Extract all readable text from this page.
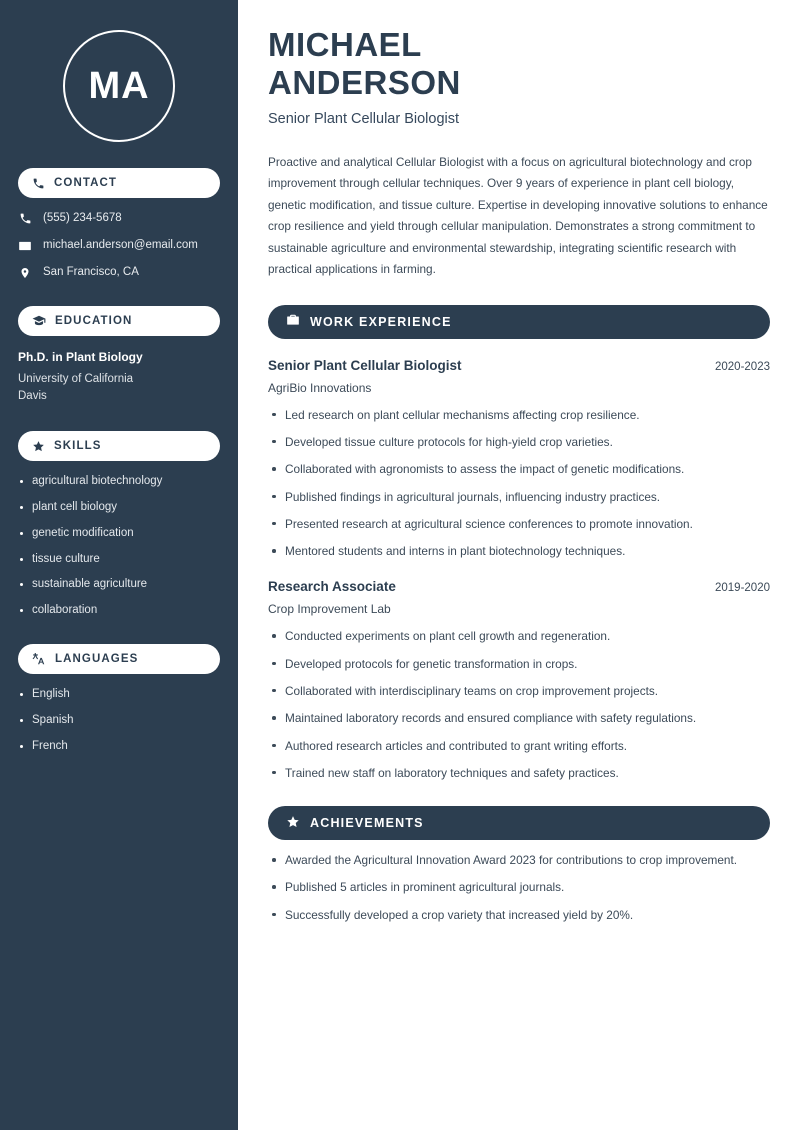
MA
CONTACT
(555) 234-5678
michael.anderson@email.com
San Francisco, CA
EDUCATION
Ph.D. in Plant Biology
University of California
Davis
SKILLS
agricultural biotechnology
plant cell biology
genetic modification
tissue culture
sustainable agriculture
collaboration
LANGUAGES
English
Spanish
French
MICHAEL
ANDERSON
Senior Plant Cellular Biologist

Proactive and analytical Cellular Biologist with a focus on agricultural biotechnology and crop improvement through cellular techniques. Over 9 years of experience in plant cell biology, genetic modification, and tissue culture. Expertise in developing innovative solutions to enhance crop resilience and yield through cellular manipulation. Demonstrates a strong commitment to sustainable agriculture and environmental stewardship, integrating scientific research with practical applications in farming.

WORK EXPERIENCE
Senior Plant Cellular Biologist	2020-2023
AgriBio Innovations
Led research on plant cellular mechanisms affecting crop resilience.
Developed tissue culture protocols for high-yield crop varieties.
Collaborated with agronomists to assess the impact of genetic modifications.
Published findings in agricultural journals, influencing industry practices.
Presented research at agricultural science conferences to promote innovation.
Mentored students and interns in plant biotechnology techniques.
Research Associate	2019-2020
Crop Improvement Lab
Conducted experiments on plant cell growth and regeneration.
Developed protocols for genetic transformation in crops.
Collaborated with interdisciplinary teams on crop improvement projects.
Maintained laboratory records and ensured compliance with safety regulations.
Authored research articles and contributed to grant writing efforts.
Trained new staff on laboratory techniques and safety practices.
ACHIEVEMENTS
Awarded the Agricultural Innovation Award 2023 for contributions to crop improvement.
Published 5 articles in prominent agricultural journals.
Successfully developed a crop variety that increased yield by 20%.
